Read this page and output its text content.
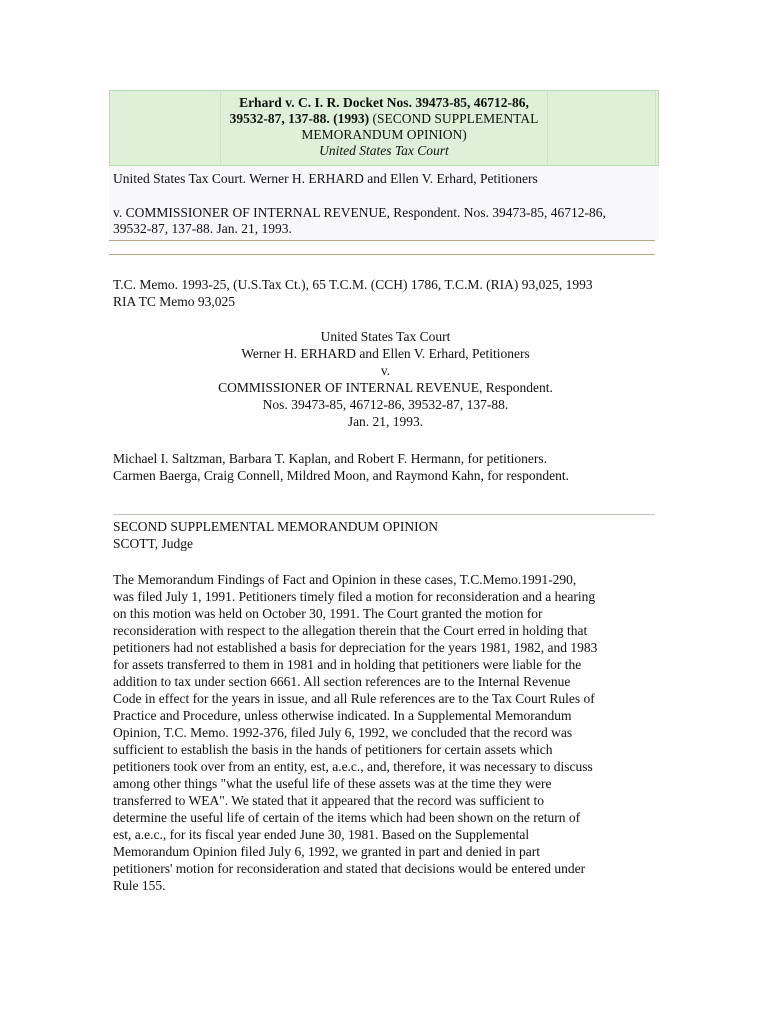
Erhard v. C. I. R. Docket Nos. 39473-85, 46712-86, 39532-87, 137-88. (1993) (SECOND SUPPLEMENTAL MEMORANDUM OPINION)
United States Tax Court
United States Tax Court. Werner H. ERHARD and Ellen V. Erhard, Petitioners
v. COMMISSIONER OF INTERNAL REVENUE, Respondent. Nos. 39473-85, 46712-86,
39532-87, 137-88. Jan. 21, 1993.
T.C. Memo. 1993-25, (U.S.Tax Ct.), 65 T.C.M. (CCH) 1786, T.C.M. (RIA) 93,025, 1993
RIA TC Memo 93,025
United States Tax Court
Werner H. ERHARD and Ellen V. Erhard, Petitioners
v.
COMMISSIONER OF INTERNAL REVENUE, Respondent.
Nos. 39473-85, 46712-86, 39532-87, 137-88.
Jan. 21, 1993.
Michael I. Saltzman, Barbara T. Kaplan, and Robert F. Hermann, for petitioners.
Carmen Baerga, Craig Connell, Mildred Moon, and Raymond Kahn, for respondent.
SECOND SUPPLEMENTAL MEMORANDUM OPINION
SCOTT, Judge
The Memorandum Findings of Fact and Opinion in these cases, T.C.Memo.1991-290,
was filed July 1, 1991. Petitioners timely filed a motion for reconsideration and a hearing
on this motion was held on October 30, 1991. The Court granted the motion for
reconsideration with respect to the allegation therein that the Court erred in holding that
petitioners had not established a basis for depreciation for the years 1981, 1982, and 1983
for assets transferred to them in 1981 and in holding that petitioners were liable for the
addition to tax under section 6661. All section references are to the Internal Revenue
Code in effect for the years in issue, and all Rule references are to the Tax Court Rules of
Practice and Procedure, unless otherwise indicated. In a Supplemental Memorandum
Opinion, T.C. Memo. 1992-376, filed July 6, 1992, we concluded that the record was
sufficient to establish the basis in the hands of petitioners for certain assets which
petitioners took over from an entity, est, a.e.c., and, therefore, it was necessary to discuss
among other things "what the useful life of these assets was at the time they were
transferred to WEA". We stated that it appeared that the record was sufficient to
determine the useful life of certain of the items which had been shown on the return of
est, a.e.c., for its fiscal year ended June 30, 1981. Based on the Supplemental
Memorandum Opinion filed July 6, 1992, we granted in part and denied in part
petitioners' motion for reconsideration and stated that decisions would be entered under
Rule 155.
